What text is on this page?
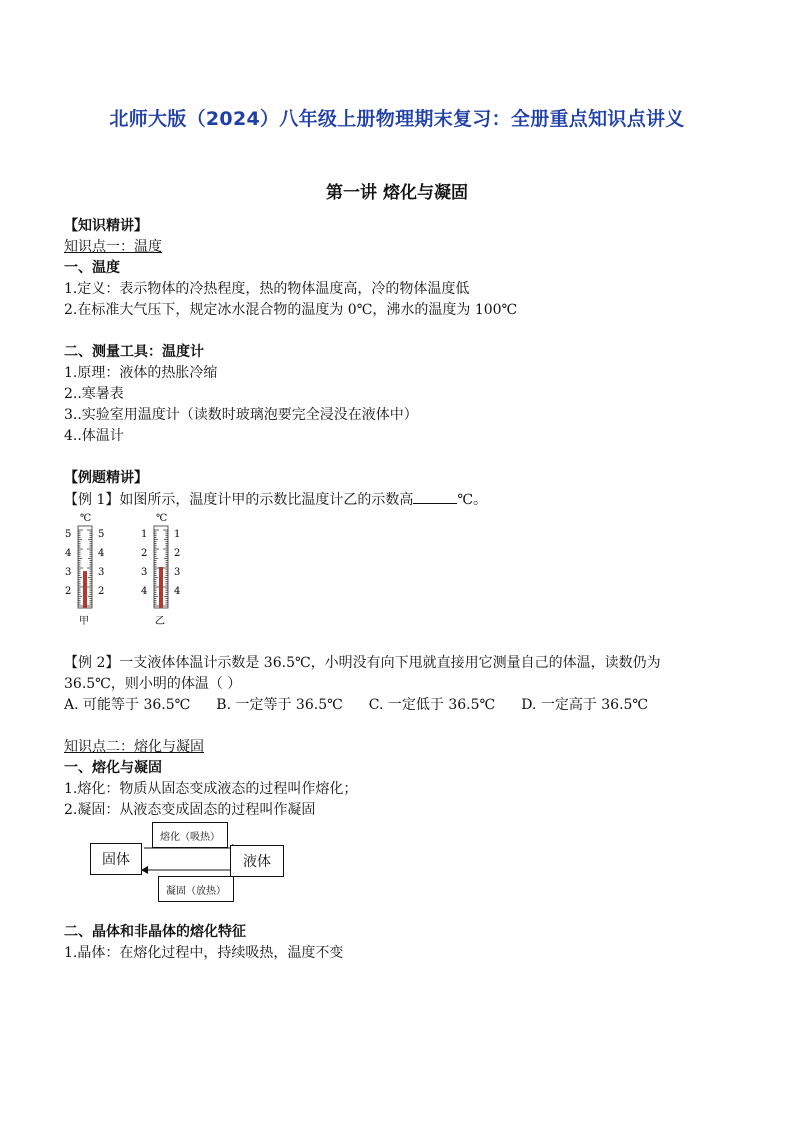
北师大版（2024）八年级上册物理期末复习：全册重点知识点讲义
第一讲 熔化与凝固
【知识精讲】
知识点一：温度
一、温度
1.定义：表示物体的冷热程度，热的物体温度高，冷的物体温度低
2.在标准大气压下，规定冰水混合物的温度为 0℃，沸水的温度为 100℃
二、测量工具：温度计
1.原理：液体的热胀冷缩
2..寒暑表
3..实验室用温度计（读数时玻璃泡要完全浸没在液体中）
4..体温计
【例题精讲】
【例 1】如图所示，温度计甲的示数比温度计乙的示数高	℃。
℃
5
4
3
2
5
4
3
2
甲
℃
1
2
3
4
1
2
3
4
乙
【例 2】一支液体体温计示数是 36.5℃，小明没有向下甩就直接用它测量自己的体温，读数仍为
36.5℃，则小明的体温（ ）
A. 可能等于 36.5℃ B. 一定等于 36.5℃ C. 一定低于 36.5℃ D. 一定高于 36.5℃
知识点二：熔化与凝固
一、熔化与凝固
1.熔化：物质从固态变成液态的过程叫作熔化；
2.凝固：从液态变成固态的过程叫作凝固
固体	液体
熔化（吸热）
凝固（放热）
二、晶体和非晶体的熔化特征
1.晶体：在熔化过程中，持续吸热，温度不变
